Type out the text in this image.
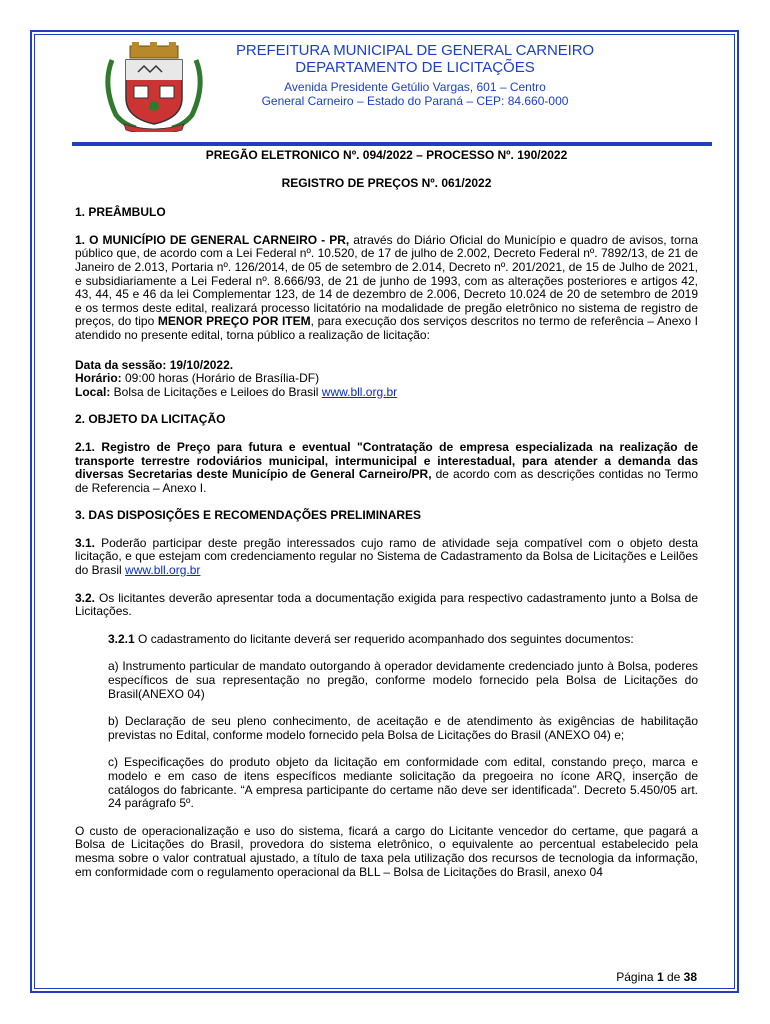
PREFEITURA MUNICIPAL DE GENERAL CARNEIRO
DEPARTAMENTO DE LICITAÇÕES
Avenida Presidente Getúlio Vargas, 601 – Centro
General Carneiro – Estado do Paraná – CEP: 84.660-000

PREGÃO ELETRONICO Nº. 094/2022 – PROCESSO Nº. 190/2022

REGISTRO DE PREÇOS Nº. 061/2022

1. PREÂMBULO

1. O MUNICÍPIO DE GENERAL CARNEIRO - PR, através do Diário Oficial do Município e quadro de avisos, torna público que, de acordo com a Lei Federal nº. 10.520, de 17 de julho de 2.002, Decreto Federal nº. 7892/13, de 21 de Janeiro de 2.013, Portaria nº. 126/2014, de 05 de setembro de 2.014, Decreto nº. 201/2021, de 15 de Julho de 2021, e subsidiariamente a Lei Federal nº. 8.666/93, de 21 de junho de 1993, com as alterações posteriores e artigos 42, 43, 44, 45 e 46 da lei Complementar 123, de 14 de dezembro de 2.006, Decreto 10.024 de 20 de setembro de 2019 e os termos deste edital, realizará processo licitatório na modalidade de pregão eletrônico no sistema de registro de preços, do tipo MENOR PREÇO POR ITEM, para execução dos serviços descritos no termo de referência – Anexo I atendido no presente edital, torna público a realização de licitação:

Data da sessão: 19/10/2022.

Horário: 09:00 horas (Horário de Brasília-DF)

Local: Bolsa de Licitações e Leiloes do Brasil www.bll.org.br

2. OBJETO DA LICITAÇÃO

2.1. Registro de Preço para futura e eventual "Contratação de empresa especializada na realização de transporte terrestre rodoviários municipal, intermunicipal e interestadual, para atender a demanda das diversas Secretarias deste Município de General Carneiro/PR, de acordo com as descrições contidas no Termo de Referencia – Anexo I.

3. DAS DISPOSIÇÕES E RECOMENDAÇÕES PRELIMINARES

3.1. Poderão participar deste pregão interessados cujo ramo de atividade seja compatível com o objeto desta licitação, e que estejam com credenciamento regular no Sistema de Cadastramento da Bolsa de Licitações e Leilões do Brasil www.bll.org.br

3.2. Os licitantes deverão apresentar toda a documentação exigida para respectivo cadastramento junto a Bolsa de Licitações.

3.2.1 O cadastramento do licitante deverá ser requerido acompanhado dos seguintes documentos:

a) Instrumento particular de mandato outorgando à operador devidamente credenciado junto à Bolsa, poderes específicos de sua representação no pregão, conforme modelo fornecido pela Bolsa de Licitações do Brasil(ANEXO 04)

b) Declaração de seu pleno conhecimento, de aceitação e de atendimento às exigências de habilitação previstas no Edital, conforme modelo fornecido pela Bolsa de Licitações do Brasil (ANEXO 04) e;

c) Especificações do produto objeto da licitação em conformidade com edital, constando preço, marca e modelo e em caso de itens específicos mediante solicitação da pregoeira no ícone ARQ, inserção de catálogos do fabricante. “A empresa participante do certame não deve ser identificada”. Decreto 5.450/05 art. 24 parágrafo 5º.

O custo de operacionalização e uso do sistema, ficará a cargo do Licitante vencedor do certame, que pagará a Bolsa de Licitações do Brasil, provedora do sistema eletrônico, o equivalente ao percentual estabelecido pela mesma sobre o valor contratual ajustado, a título de taxa pela utilização dos recursos de tecnologia da informação, em conformidade com o regulamento operacional da BLL – Bolsa de Licitações do Brasil, anexo 04

Página 1 de 38
